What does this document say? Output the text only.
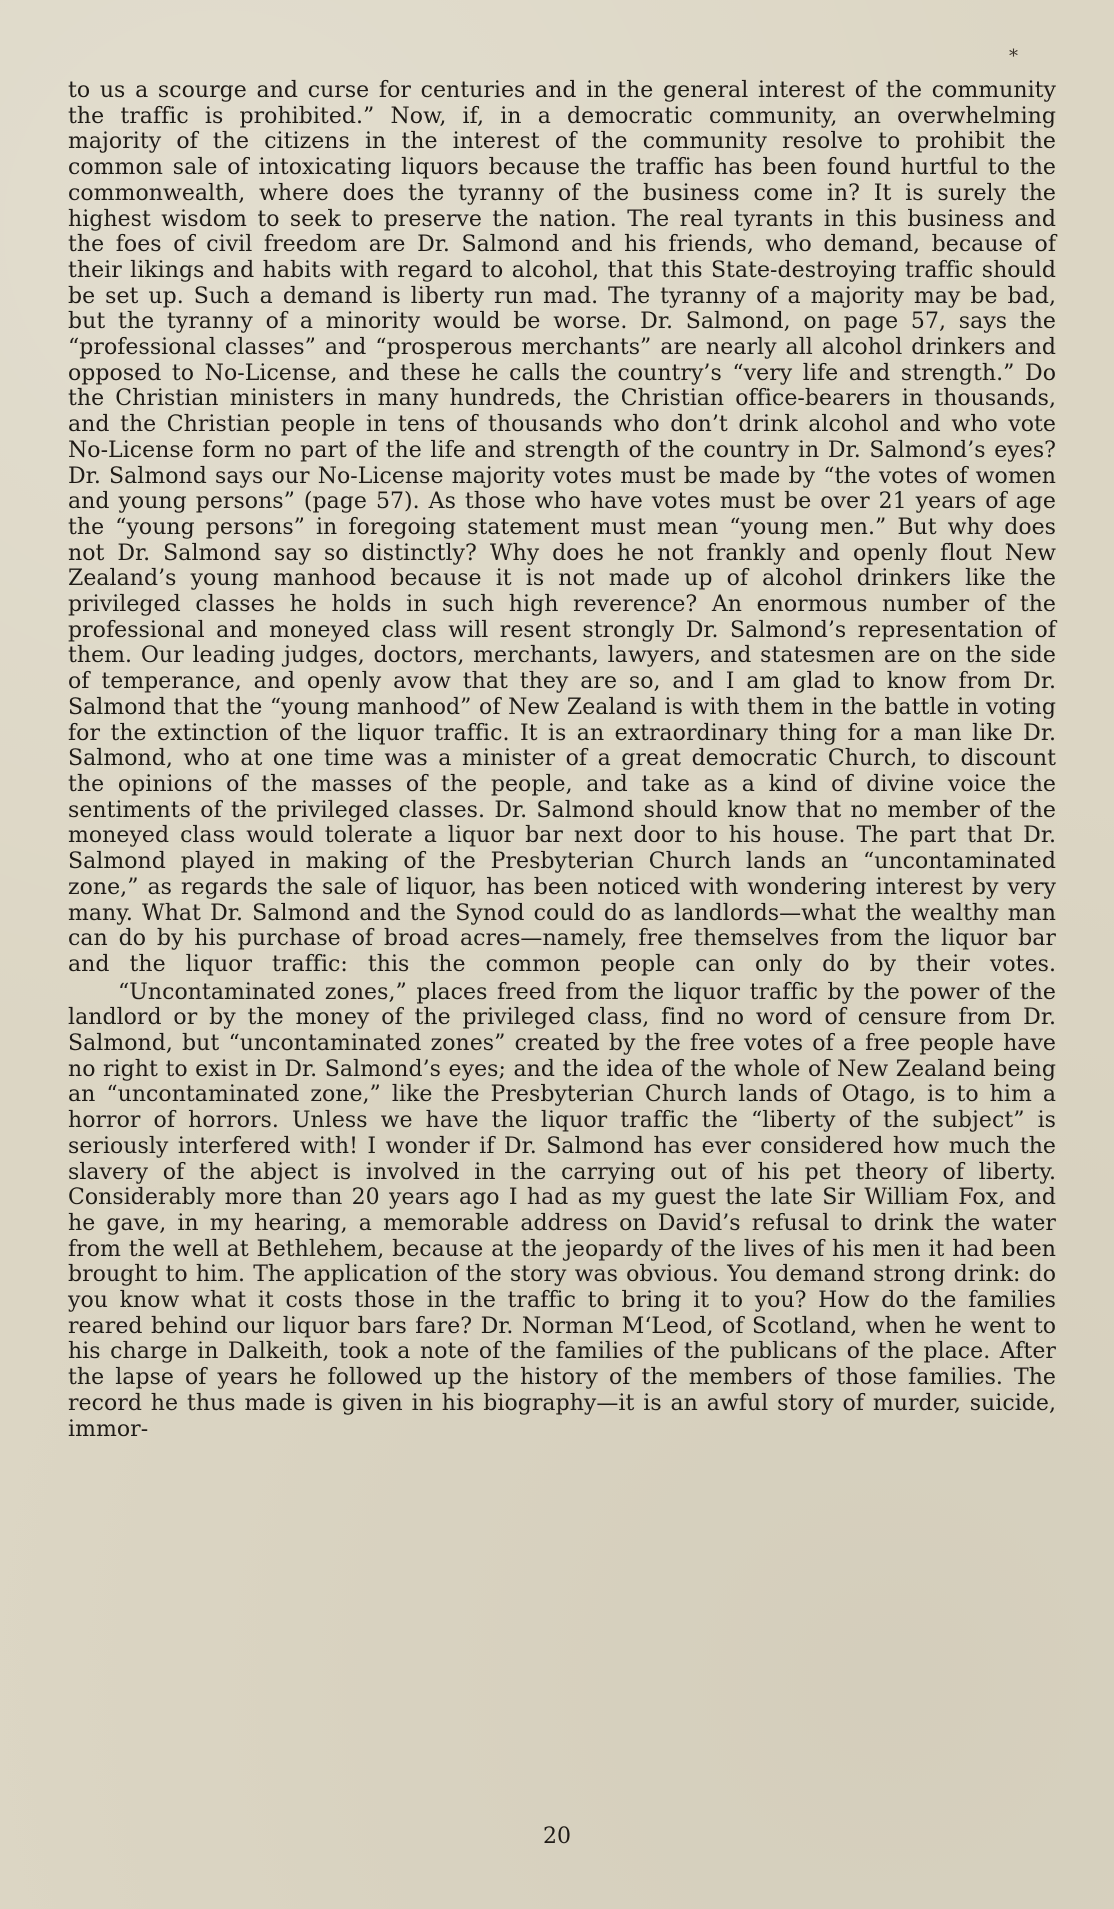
*

to us a scourge and curse for centuries and in the general interest of the community the traffic is prohibited.” Now, if, in a democratic community, an overwhelming majority of the citizens in the interest of the community resolve to prohibit the common sale of intoxicating liquors because the traffic has been found hurtful to the commonwealth, where does the tyranny of the business come in? It is surely the highest wisdom to seek to preserve the nation. The real tyrants in this business and the foes of civil freedom are Dr. Salmond and his friends, who demand, because of their likings and habits with regard to alcohol, that this State-destroying traffic should be set up. Such a demand is liberty run mad. The tyranny of a majority may be bad, but the tyranny of a minority would be worse. Dr. Salmond, on page 57, says the “professional classes” and “prosperous merchants” are nearly all alcohol drinkers and opposed to No-License, and these he calls the country’s “very life and strength.” Do the Christian ministers in many hundreds, the Christian office-bearers in thousands, and the Christian people in tens of thousands who don’t drink alcohol and who vote No-License form no part of the life and strength of the country in Dr. Salmond’s eyes? Dr. Salmond says our No-License majority votes must be made by “the votes of women and young persons” (page 57). As those who have votes must be over 21 years of age the “young persons” in foregoing statement must mean “young men.” But why does not Dr. Salmond say so distinctly? Why does he not frankly and openly flout New Zealand’s young manhood because it is not made up of alcohol drinkers like the privileged classes he holds in such high reverence? An enormous number of the professional and moneyed class will resent strongly Dr. Salmond’s representation of them. Our leading judges, doctors, merchants, lawyers, and statesmen are on the side of temperance, and openly avow that they are so, and I am glad to know from Dr. Salmond that the “young manhood” of New Zealand is with them in the battle in voting for the extinction of the liquor traffic. It is an extraordinary thing for a man like Dr. Salmond, who at one time was a minister of a great democratic Church, to discount the opinions of the masses of the people, and take as a kind of divine voice the sentiments of the privileged classes. Dr. Salmond should know that no member of the moneyed class would tolerate a liquor bar next door to his house. The part that Dr. Salmond played in making of the Presbyterian Church lands an “uncontaminated zone,” as regards the sale of liquor, has been noticed with wondering interest by very many. What Dr. Salmond and the Synod could do as landlords—what the wealthy man can do by his purchase of broad acres—namely, free themselves from the liquor bar and the liquor traffic: this the common people can only do by their votes.

“Uncontaminated zones,” places freed from the liquor traffic by the power of the landlord or by the money of the privileged class, find no word of censure from Dr. Salmond, but “uncontaminated zones” created by the free votes of a free people have no right to exist in Dr. Salmond’s eyes; and the idea of the whole of New Zealand being an “uncontaminated zone,” like the Presbyterian Church lands of Otago, is to him a horror of horrors. Unless we have the liquor traffic the “liberty of the subject” is seriously interfered with! I wonder if Dr. Salmond has ever considered how much the slavery of the abject is involved in the carrying out of his pet theory of liberty. Considerably more than 20 years ago I had as my guest the late Sir William Fox, and he gave, in my hearing, a memorable address on David’s refusal to drink the water from the well at Bethlehem, because at the jeopardy of the lives of his men it had been brought to him. The application of the story was obvious. You demand strong drink: do you know what it costs those in the traffic to bring it to you? How do the families reared behind our liquor bars fare? Dr. Norman M‘Leod, of Scotland, when he went to his charge in Dalkeith, took a note of the families of the publicans of the place. After the lapse of years he followed up the history of the members of those families. The record he thus made is given in his biography—it is an awful story of murder, suicide, immor-

20
